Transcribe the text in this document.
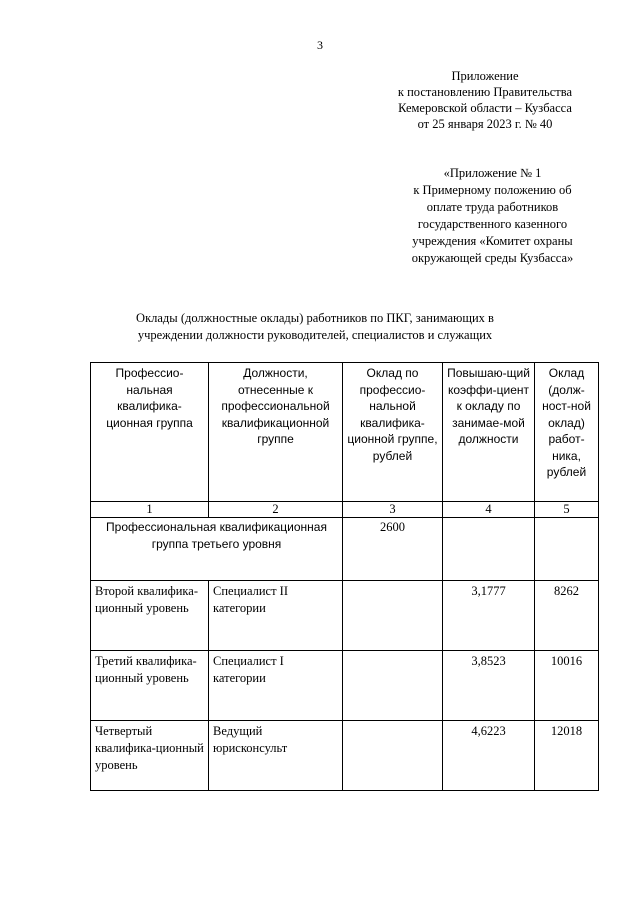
3
Приложение
к постановлению Правительства
Кемеровской области – Кузбасса
от 25 января 2023 г. № 40
«Приложение № 1
к Примерному положению об
оплате труда работников
государственного казенного
учреждения «Комитет охраны
окружающей среды Кузбасса»
Оклады (должностные оклады) работников по ПКГ, занимающих в
учреждении должности руководителей, специалистов и служащих
Профессио-нальная квалифика-ционная группа	Должности, отнесенные к профессиональной квалификационной группе	Оклад по профессио-нальной квалифика-ционной группе, рублей	Повышаю-щий коэффи-циент к окладу по занимае-мой должности	Оклад (долж-ност-ной оклад) работ-ника, рублей
1	2	3	4	5
Профессиональная квалификационная группа третьего уровня		2600		
Второй квалифика-ционный уровень	Специалист II категории		3,1777	8262
Третий квалифика-ционный уровень	Специалист I категории		3,8523	10016
Четвертый квалифика-ционный уровень	Ведущий юрисконсульт		4,6223	12018
